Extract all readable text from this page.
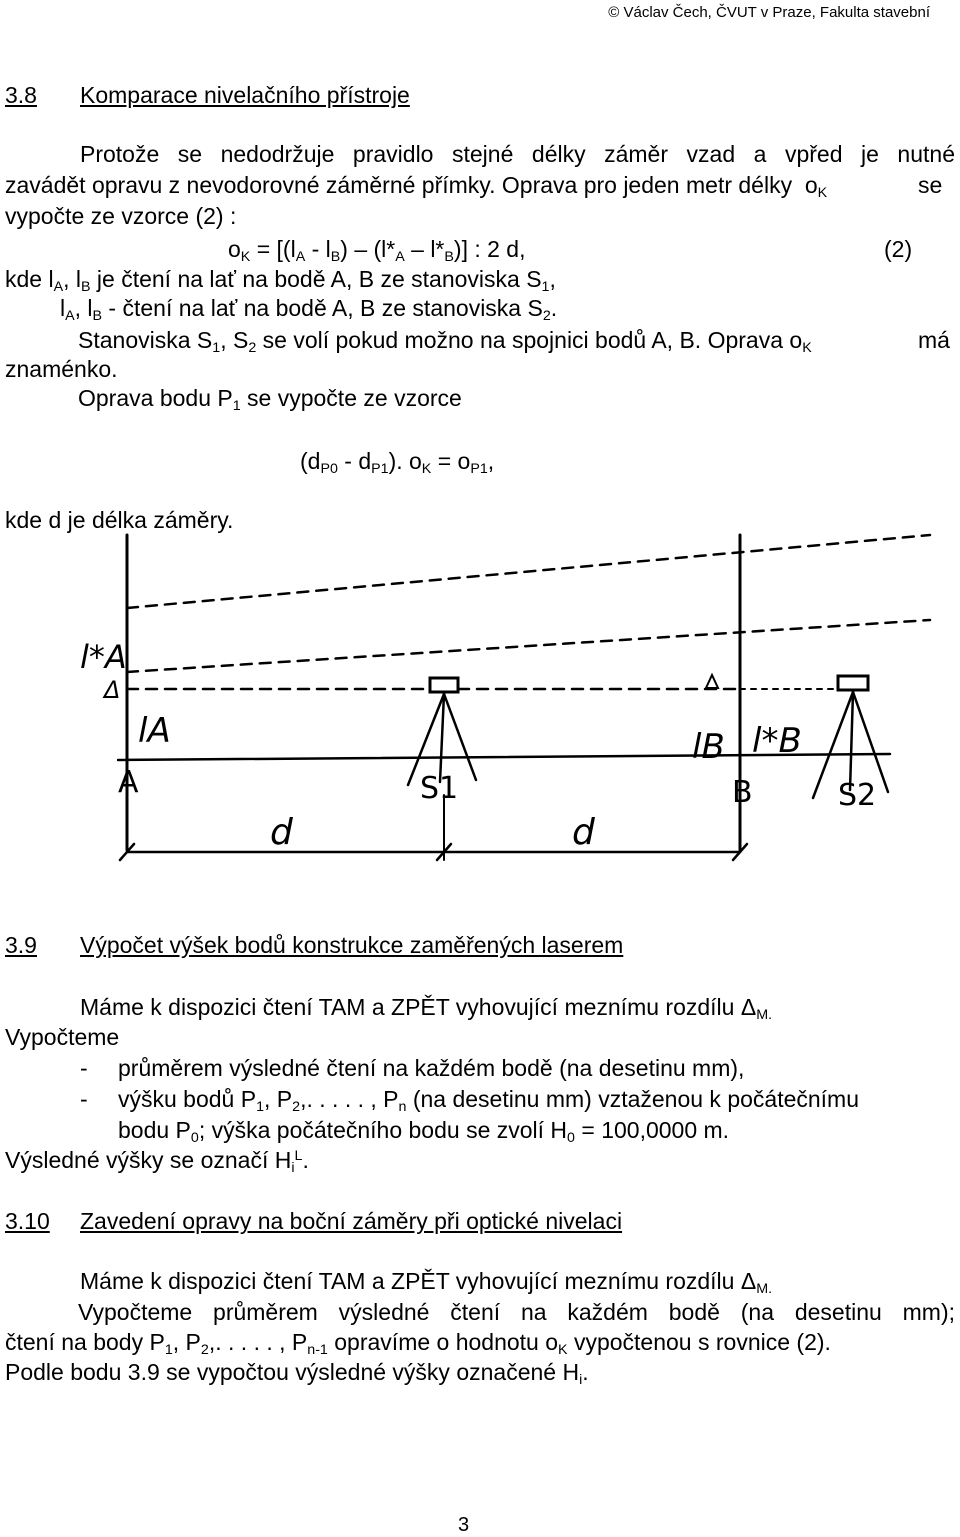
© Václav Čech, ČVUT v Praze, Fakulta stavební
3.8 Komparace nivelačního přístroje
Protože se nedodržuje pravidlo stejné délky záměr vzad a vpřed je nutné
zavádět opravu z nevodorovné záměrné přímky. Oprava pro jeden metr délky $o_K$	se
vypočte ze vzorce (2) :
$o_K = [(l_A - l_B) - (l*_A - l*_B)]$ : 2 d,	(2)
kde $l_A$, $l_B$ je čtení na lať na bodě A, B ze stanoviska $S_1$,
$l_A$, $l_B$ - čtení na lať na bodě A, B ze stanoviska $S_2$.
Stanoviska $S_1$, $S_2$ se volí pokud možno na spojnici bodů A, B. Oprava $o_K$	má
znaménko.
Oprava bodu $P_1$ se vypočte ze vzorce
$(d_{P0} - d_{P1})$. $o_K = o_{P1}$,
kde d je délka záměry.
l*A
Δ
lA	lB l*B
A	S1	B	S2
d	d
3.9 Výpočet výšek bodů konstrukce zaměřených laserem
Máme k dispozici čtení TAM a ZPĚT vyhovující meznímu rozdílu $\Delta_{M.}$
Vypočteme
- průměrem výsledné čtení na každém bodě (na desetinu mm),
- výšku bodů $P_1$, $P_2$,. . . . . , $P_n$ (na desetinu mm) vztaženou k počátečnímu
bodu $P_0$; výška počátečního bodu se zvolí $H_0 = 100,0000$ m.
Výsledné výšky se označí $H_i^L$.
3.10 Zavedení opravy na boční záměry při optické nivelaci
Máme k dispozici čtení TAM a ZPĚT vyhovující meznímu rozdílu $\Delta_{M.}$
Vypočteme průměrem výsledné čtení na každém bodě (na desetinu mm);
čtení na body $P_1$, $P_2$,. . . . . , $P_{n-1}$ opravíme o hodnotu $o_K$ vypočtenou s rovnice (2).
Podle bodu 3.9 se vypočtou výsledné výšky označené $H_i$.
3
